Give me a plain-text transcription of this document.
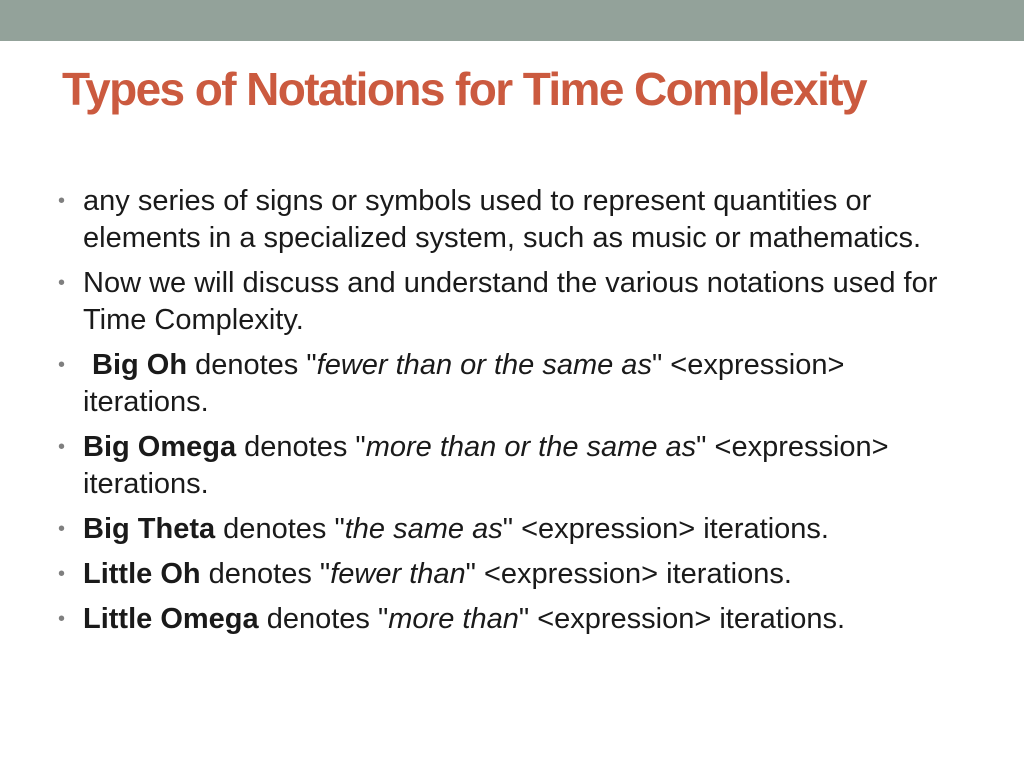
Types of Notations for Time Complexity
• any series of signs or symbols used to represent quantities or elements in a specialized system, such as music or mathematics.
• Now we will discuss and understand the various notations used for Time Complexity.
• Big Oh denotes "fewer than or the same as" <expression> iterations.
• Big Omega denotes "more than or the same as" <expression> iterations.
• Big Theta denotes "the same as" <expression> iterations.
• Little Oh denotes "fewer than" <expression> iterations.
• Little Omega denotes "more than" <expression> iterations.
